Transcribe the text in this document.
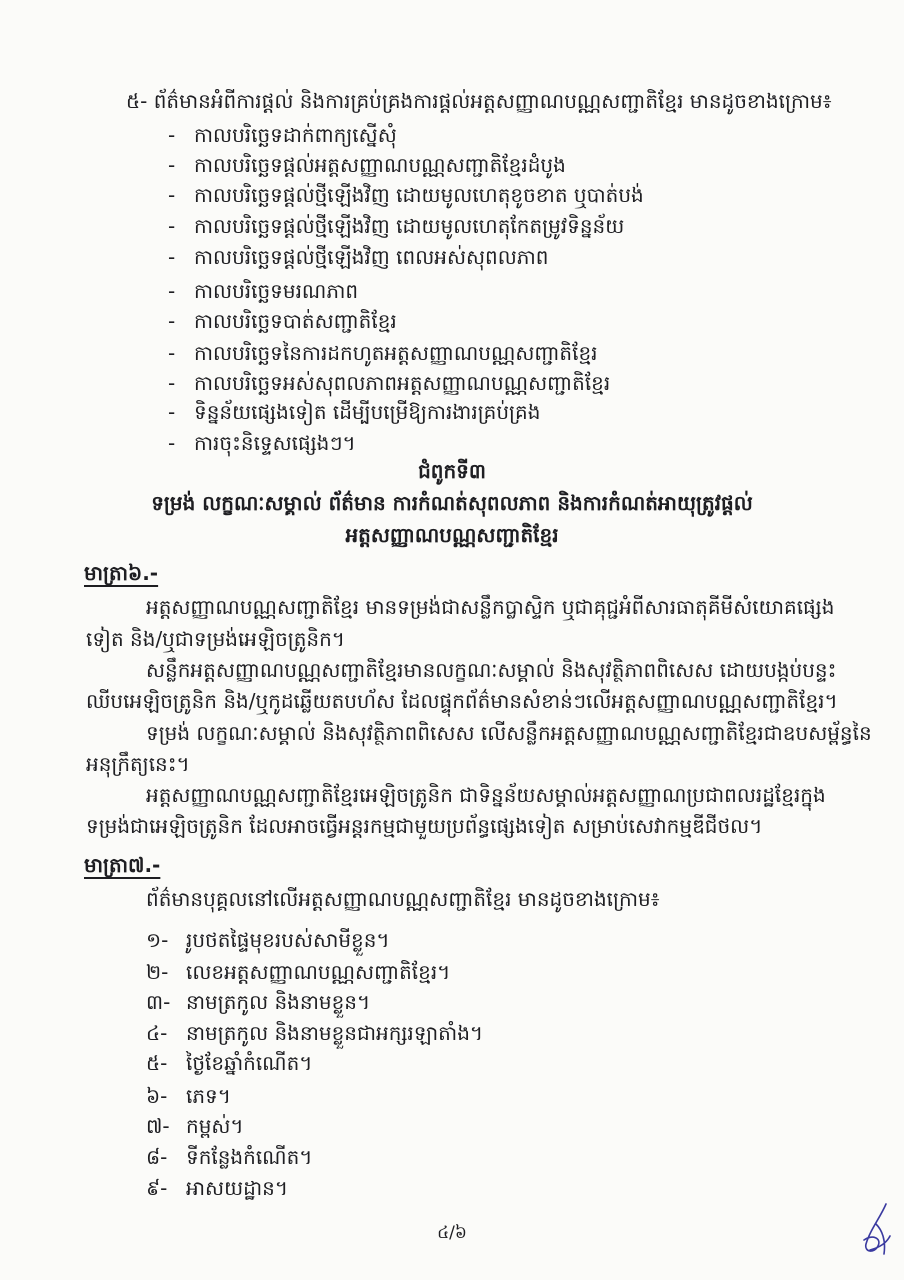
៥- ព័ត៌មានអំពីការផ្ដល់ និងការគ្រប់គ្រងការផ្ដល់អត្តសញ្ញាណបណ្ណសញ្ជាតិខ្មែរ មានដូចខាងក្រោម៖
- កាលបរិច្ឆេទដាក់ពាក្យស្នើសុំ
- កាលបរិច្ឆេទផ្ដល់អត្តសញ្ញាណបណ្ណសញ្ជាតិខ្មែរដំបូង
- កាលបរិច្ឆេទផ្ដល់ថ្មីឡើងវិញ ដោយមូលហេតុខូចខាត ឬបាត់បង់
- កាលបរិច្ឆេទផ្ដល់ថ្មីឡើងវិញ ដោយមូលហេតុកែតម្រូវទិន្នន័យ
- កាលបរិច្ឆេទផ្ដល់ថ្មីឡើងវិញ ពេលអស់សុពលភាព
- កាលបរិច្ឆេទមរណភាព
- កាលបរិច្ឆេទបាត់សញ្ជាតិខ្មែរ
- កាលបរិច្ឆេទនៃការដកហូតអត្តសញ្ញាណបណ្ណសញ្ជាតិខ្មែរ
- កាលបរិច្ឆេទអស់សុពលភាពអត្តសញ្ញាណបណ្ណសញ្ជាតិខ្មែរ
- ទិន្នន័យផ្សេងទៀត ដើម្បីបម្រើឱ្យការងារគ្រប់គ្រង
- ការចុះនិទ្ទេសផ្សេងៗ។
ជំពូកទី៣
ទម្រង់ លក្ខណៈសម្គាល់ ព័ត៌មាន ការកំណត់សុពលភាព និងការកំណត់អាយុត្រូវផ្ដល់
អត្តសញ្ញាណបណ្ណសញ្ជាតិខ្មែរ
មាត្រា៦.-
អត្តសញ្ញាណបណ្ណសញ្ជាតិខ្មែរ មានទម្រង់ជាសន្លឹកប្លាស្ទិក ឬជាគុជ្ជអំពីសារធាតុគីមីសំយោគផ្សេង
ទៀត និង/ឬជាទម្រង់អេឡិចត្រូនិក។
សន្លឹកអត្តសញ្ញាណបណ្ណសញ្ជាតិខ្មែរមានលក្ខណៈសម្គាល់ និងសុវត្ថិភាពពិសេស ដោយបង្កប់បន្ទះ
ឈីបអេឡិចត្រូនិក និង/ឬកូដឆ្លើយតបហ័ស ដែលផ្ទុកព័ត៌មានសំខាន់ៗលើអត្តសញ្ញាណបណ្ណសញ្ជាតិខ្មែរ។
ទម្រង់ លក្ខណៈសម្គាល់ និងសុវត្ថិភាពពិសេស លើសន្លឹកអត្តសញ្ញាណបណ្ណសញ្ជាតិខ្មែរជាឧបសម្ព័ន្ធនៃ
អនុក្រឹត្យនេះ។
អត្តសញ្ញាណបណ្ណសញ្ជាតិខ្មែរអេឡិចត្រូនិក ជាទិន្នន័យសម្គាល់អត្តសញ្ញាណប្រជាពលរដ្ឋខ្មែរក្នុង
ទម្រង់ជាអេឡិចត្រូនិក ដែលអាចធ្វើអន្តរកម្មជាមួយប្រព័ន្ធផ្សេងទៀត សម្រាប់សេវាកម្មឌីជីថល។
មាត្រា៧.-
ព័ត៌មានបុគ្គលនៅលើអត្តសញ្ញាណបណ្ណសញ្ជាតិខ្មែរ មានដូចខាងក្រោម៖
១- រូបថតផ្ទៃមុខរបស់សាមីខ្លួន។
២- លេខអត្តសញ្ញាណបណ្ណសញ្ជាតិខ្មែរ។
៣- នាមត្រកូល និងនាមខ្លួន។
៤- នាមត្រកូល និងនាមខ្លួនជាអក្សរឡាតាំង។
៥- ថ្ងៃខែឆ្នាំកំណើត។
៦- ភេទ។
៧- កម្ពស់។
៨- ទីកន្លែងកំណើត។
៩- អាសយដ្ឋាន។
៤/៦
